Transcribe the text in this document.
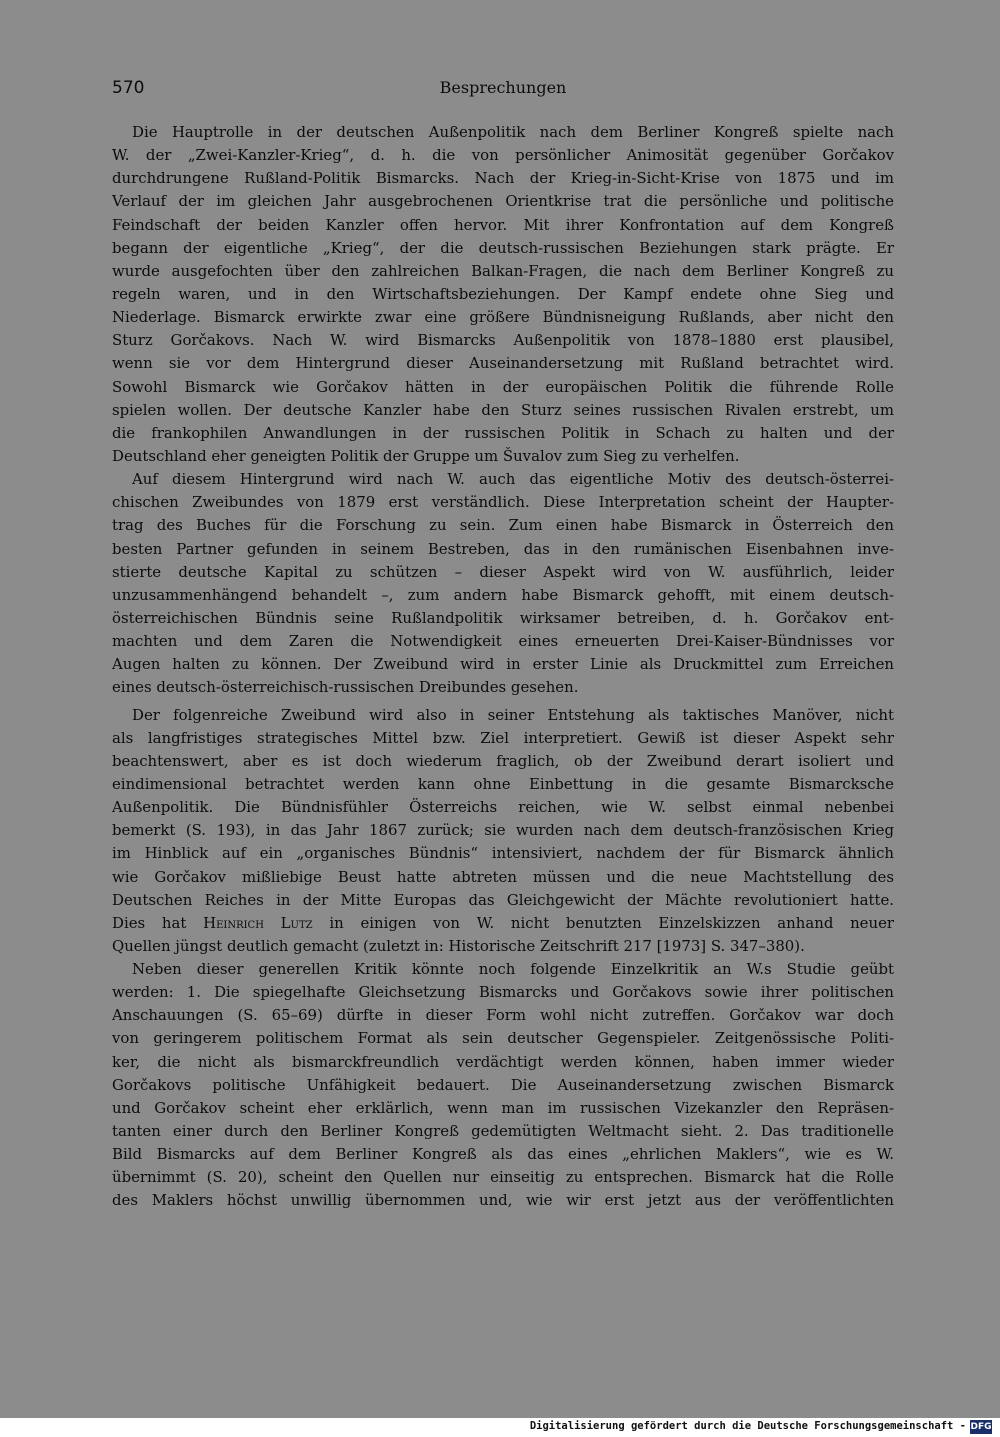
570	Besprechungen
Die Hauptrolle in der deutschen Außenpolitik nach dem Berliner Kongreß spielte nach
W. der „Zwei-Kanzler-Krieg“, d. h. die von persönlicher Animosität gegenüber Gorčakov
durchdrungene Rußland-Politik Bismarcks. Nach der Krieg-in-Sicht-Krise von 1875 und im
Verlauf der im gleichen Jahr ausgebrochenen Orientkrise trat die persönliche und politische
Feindschaft der beiden Kanzler offen hervor. Mit ihrer Konfrontation auf dem Kongreß
begann der eigentliche „Krieg“, der die deutsch-russischen Beziehungen stark prägte. Er
wurde ausgefochten über den zahlreichen Balkan-Fragen, die nach dem Berliner Kongreß zu
regeln waren, und in den Wirtschaftsbeziehungen. Der Kampf endete ohne Sieg und
Niederlage. Bismarck erwirkte zwar eine größere Bündnisneigung Rußlands, aber nicht den
Sturz Gorčakovs. Nach W. wird Bismarcks Außenpolitik von 1878–1880 erst plausibel,
wenn sie vor dem Hintergrund dieser Auseinandersetzung mit Rußland betrachtet wird.
Sowohl Bismarck wie Gorčakov hätten in der europäischen Politik die führende Rolle
spielen wollen. Der deutsche Kanzler habe den Sturz seines russischen Rivalen erstrebt, um
die frankophilen Anwandlungen in der russischen Politik in Schach zu halten und der
Deutschland eher geneigten Politik der Gruppe um Šuvalov zum Sieg zu verhelfen.
Auf diesem Hintergrund wird nach W. auch das eigentliche Motiv des deutsch-österrei-
chischen Zweibundes von 1879 erst verständlich. Diese Interpretation scheint der Haupter-
trag des Buches für die Forschung zu sein. Zum einen habe Bismarck in Österreich den
besten Partner gefunden in seinem Bestreben, das in den rumänischen Eisenbahnen inve-
stierte deutsche Kapital zu schützen – dieser Aspekt wird von W. ausführlich, leider
unzusammenhängend behandelt –, zum andern habe Bismarck gehofft, mit einem deutsch-
österreichischen Bündnis seine Rußlandpolitik wirksamer betreiben, d. h. Gorčakov ent-
machten und dem Zaren die Notwendigkeit eines erneuerten Drei-Kaiser-Bündnisses vor
Augen halten zu können. Der Zweibund wird in erster Linie als Druckmittel zum Erreichen
eines deutsch-österreichisch-russischen Dreibundes gesehen.
Der folgenreiche Zweibund wird also in seiner Entstehung als taktisches Manöver, nicht
als langfristiges strategisches Mittel bzw. Ziel interpretiert. Gewiß ist dieser Aspekt sehr
beachtenswert, aber es ist doch wiederum fraglich, ob der Zweibund derart isoliert und
eindimensional betrachtet werden kann ohne Einbettung in die gesamte Bismarcksche
Außenpolitik. Die Bündnisfühler Österreichs reichen, wie W. selbst einmal nebenbei
bemerkt (S. 193), in das Jahr 1867 zurück; sie wurden nach dem deutsch-französischen Krieg
im Hinblick auf ein „organisches Bündnis“ intensiviert, nachdem der für Bismarck ähnlich
wie Gorčakov mißliebige Beust hatte abtreten müssen und die neue Machtstellung des
Deutschen Reiches in der Mitte Europas das Gleichgewicht der Mächte revolutioniert hatte.
Dies hat Heinrich Lutz in einigen von W. nicht benutzten Einzelskizzen anhand neuer
Quellen jüngst deutlich gemacht (zuletzt in: Historische Zeitschrift 217 [1973] S. 347–380).
Neben dieser generellen Kritik könnte noch folgende Einzelkritik an W.s Studie geübt
werden: 1. Die spiegelhafte Gleichsetzung Bismarcks und Gorčakovs sowie ihrer politischen
Anschauungen (S. 65–69) dürfte in dieser Form wohl nicht zutreffen. Gorčakov war doch
von geringerem politischem Format als sein deutscher Gegenspieler. Zeitgenössische Politi-
ker, die nicht als bismarckfreundlich verdächtigt werden können, haben immer wieder
Gorčakovs politische Unfähigkeit bedauert. Die Auseinandersetzung zwischen Bismarck
und Gorčakov scheint eher erklärlich, wenn man im russischen Vizekanzler den Repräsen-
tanten einer durch den Berliner Kongreß gedemütigten Weltmacht sieht. 2. Das traditionelle
Bild Bismarcks auf dem Berliner Kongreß als das eines „ehrlichen Maklers“, wie es W.
übernimmt (S. 20), scheint den Quellen nur einseitig zu entsprechen. Bismarck hat die Rolle
des Maklers höchst unwillig übernommen und, wie wir erst jetzt aus der veröffentlichten
Digitalisierung gefördert durch die Deutsche Forschungsgemeinschaft - DFG
